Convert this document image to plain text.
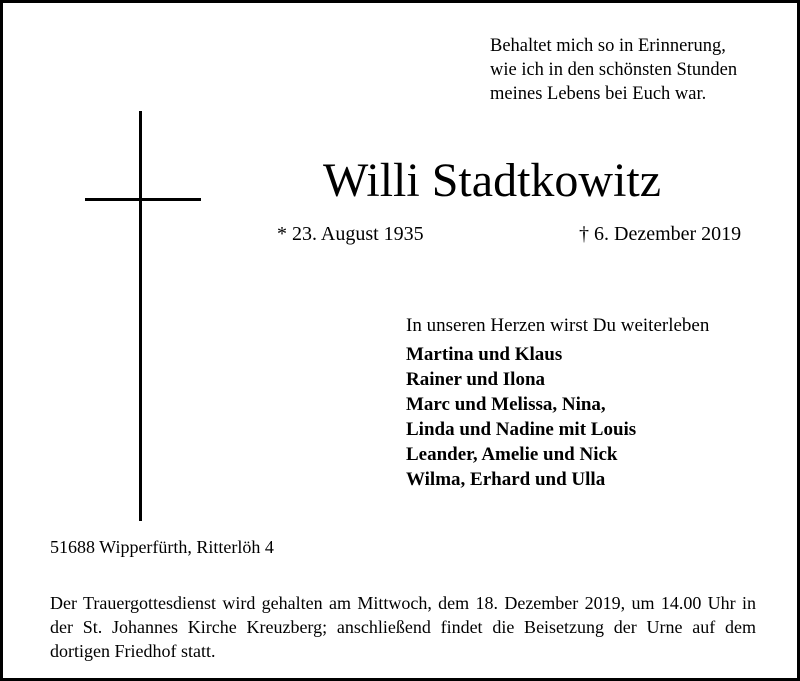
Behaltet mich so in Erinnerung,
wie ich in den schönsten Stunden
meines Lebens bei Euch war.
Willi Stadtkowitz
* 23. August 1935	† 6. Dezember 2019
In unseren Herzen wirst Du weiterleben
Martina und Klaus
Rainer und Ilona
Marc und Melissa, Nina,
Linda und Nadine mit Louis
Leander, Amelie und Nick
Wilma, Erhard und Ulla
51688 Wipperfürth, Ritterlöh 4
Der Trauergottesdienst wird gehalten am Mittwoch, dem 18. Dezember 2019, um 14.00 Uhr in der St. Johannes Kirche Kreuzberg; anschließend findet die Beisetzung der Urne auf dem dortigen Friedhof statt.
